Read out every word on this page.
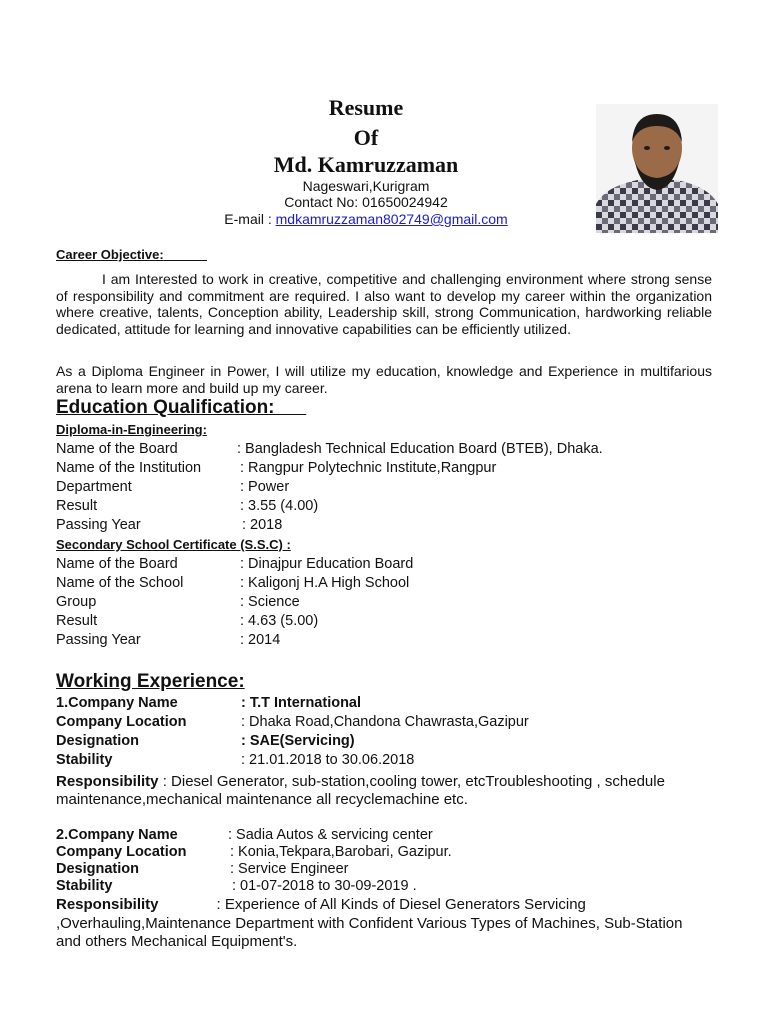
Resume
Of
Md. Kamruzzaman
Nageswari,Kurigram
Contact No: 01650024942
E-mail : mdkamruzzaman802749@gmail.com
Career Objective:
I am Interested to work in creative, competitive and challenging environment where strong sense of responsibility and commitment are required. I also want to develop my career within the organization where creative, talents, Conception ability, Leadership skill, strong Communication, hardworking reliable dedicated, attitude for learning and innovative capabilities can be efficiently utilized.
As a Diploma Engineer in Power, I will utilize my education, knowledge and Experience in multifarious arena to learn more and build up my career.
Education Qualification:
Diploma-in-Engineering:
Name of the Board	: Bangladesh Technical Education Board (BTEB), Dhaka.
Name of the Institution	: Rangpur Polytechnic Institute,Rangpur
Department	: Power
Result	: 3.55 (4.00)
Passing Year	: 2018
Secondary School Certificate (S.S.C) :
Name of the Board	: Dinajpur Education Board
Name of the School	: Kaligonj H.A High School
Group	: Science
Result	: 4.63 (5.00)
Passing Year	: 2014
Working Experience:
1.Company Name	: T.T International
Company Location	: Dhaka Road,Chandona Chawrasta,Gazipur
Designation	: SAE(Servicing)
Stability	: 21.01.2018 to 30.06.2018
Responsibility : Diesel Generator, sub-station,cooling tower, etcTroubleshooting , schedule maintenance,mechanical maintenance all recyclemachine etc.
2.Company Name	: Sadia Autos & servicing center
Company Location	: Konia,Tekpara,Barobari, Gazipur.
Designation	: Service Engineer
Stability	: 01-07-2018 to 30-09-2019 .
Responsibility	: Experience of All Kinds of Diesel Generators Servicing ,Overhauling,Maintenance Department with Confident Various Types of Machines, Sub-Station and others Mechanical Equipment's.
